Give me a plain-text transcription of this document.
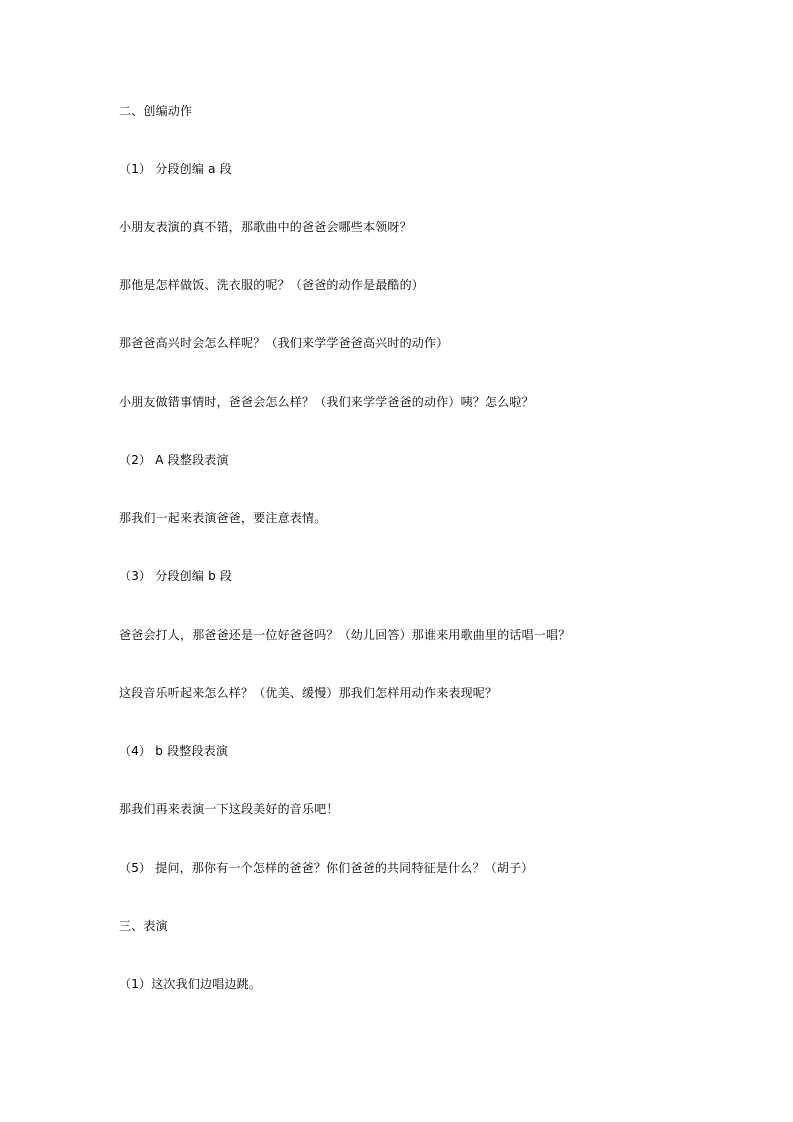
二、创编动作
（1） 分段创编 a 段
小朋友表演的真不错，那歌曲中的爸爸会哪些本领呀？
那他是怎样做饭、洗衣服的呢？（爸爸的动作是最酷的）
那爸爸高兴时会怎么样呢？（我们来学学爸爸高兴时的动作）
小朋友做错事情时，爸爸会怎么样？（我们来学学爸爸的动作）咦？怎么啦？
（2） A 段整段表演
那我们一起来表演爸爸，要注意表情。
（3） 分段创编 b 段
爸爸会打人，那爸爸还是一位好爸爸吗？（幼儿回答）那谁来用歌曲里的话唱一唱？
这段音乐听起来怎么样？（优美、缓慢）那我们怎样用动作来表现呢？
（4） b 段整段表演
那我们再来表演一下这段美好的音乐吧！
（5） 提问，那你有一个怎样的爸爸？你们爸爸的共同特征是什么？（胡子）
三、表演
（1）这次我们边唱边跳。
